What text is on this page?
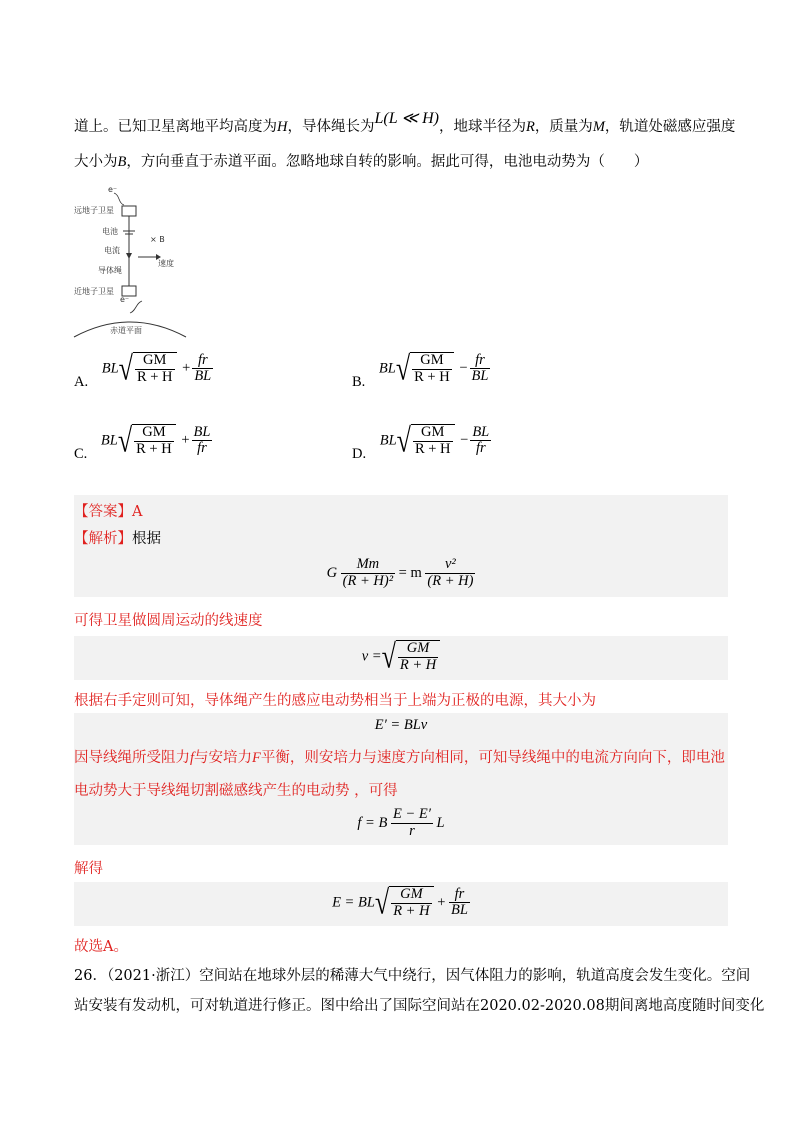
道上。已知卫星离地平均高度为H，导体绳长为L(L ≪ H)，地球半径为R，质量为M，轨道处磁感应强度
大小为B，方向垂直于赤道平面。忽略地球自转的影响。据此可得，电池电动势为（　　）
e⁻
远地子卫星
电池
电流
× B
速度
导体绳
近地子卫星
e⁻
赤道平面
A. BL √ $\frac{GM}{R + H} + \frac{fr}{BL}$	B. BL √ $\frac{GM}{R + H} - \frac{fr}{BL}$
C. BL √ $\frac{GM}{R + H} + \frac{BL}{fr}$	D. BL √ $\frac{GM}{R + H} - \frac{BL}{fr}$
【答案】A
【解析】根据
G $\frac{Mm}{\text{(R + H)²}} = m \frac{\text{v²}}{(R + H)}$
可得卫星做圆周运动的线速度
v = √ $\frac{GM}{R + H}$
根据右手定则可知，导体绳产生的感应电动势相当于上端为正极的电源，其大小为
E′ = BLv
因导线绳所受阻力f与安培力F平衡，则安培力与速度方向相同，可知导线绳中的电流方向向下，即电池
电动势大于导线绳切割磁感线产生的电动势 ，可得
f = B $\frac{E - E'}{r}$ L
解得
E = BL √ $\frac{GM}{R + H} + \frac{fr}{BL}$
故选A。
26．（2021·浙江）空间站在地球外层的稀薄大气中绕行，因气体阻力的影响，轨道高度会发生变化。空间
站安装有发动机，可对轨道进行修正。图中给出了国际空间站在2020.02-2020.08期间离地高度随时间变化
